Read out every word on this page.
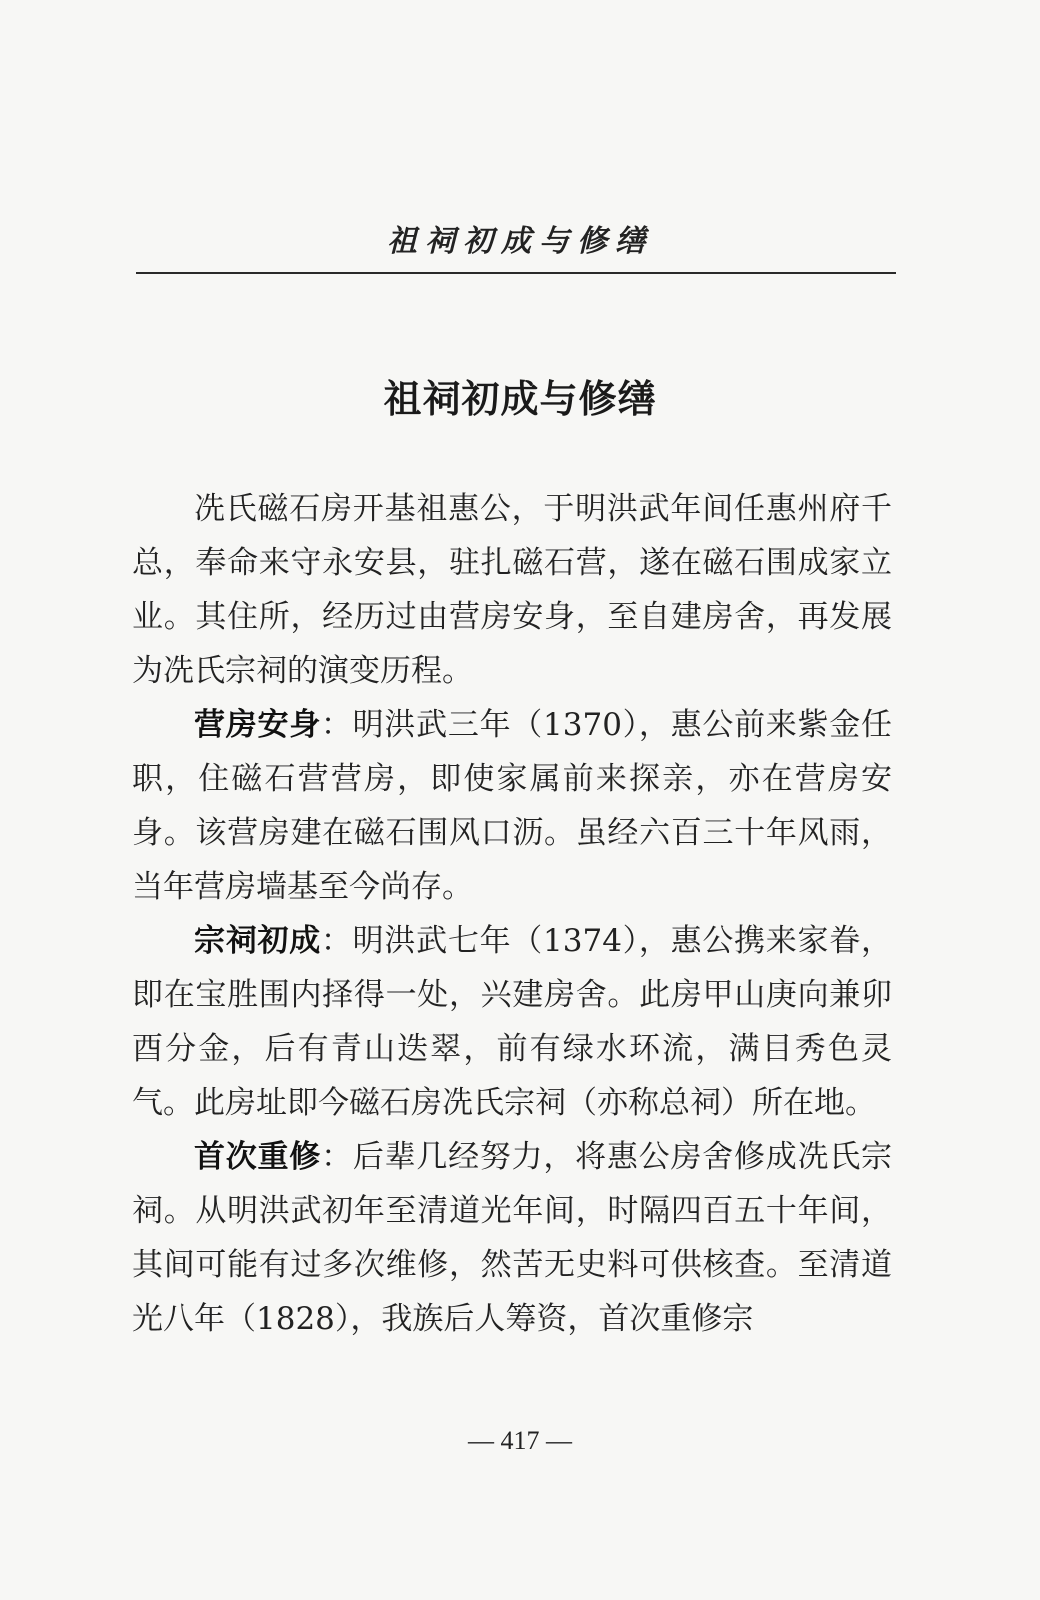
祖祠初成与修缮
祖祠初成与修缮

冼氏磁石房开基祖惠公，于明洪武年间任惠州府千总，奉命来守永安县，驻扎磁石营，遂在磁石围成家立业。其住所，经历过由营房安身，至自建房舍，再发展为冼氏宗祠的演变历程。

营房安身：明洪武三年（1370），惠公前来紫金任职，住磁石营营房，即使家属前来探亲，亦在营房安身。该营房建在磁石围风口沥。虽经六百三十年风雨，当年营房墙基至今尚存。

宗祠初成：明洪武七年（1374），惠公携来家眷，即在宝胜围内择得一处，兴建房舍。此房甲山庚向兼卯酉分金，后有青山迭翠，前有绿水环流，满目秀色灵气。此房址即今磁石房冼氏宗祠（亦称总祠）所在地。

首次重修：后辈几经努力，将惠公房舍修成冼氏宗祠。从明洪武初年至清道光年间，时隔四百五十年间，其间可能有过多次维修，然苦无史料可供核查。至清道光八年（1828），我族后人筹资，首次重修宗

— 417 —
